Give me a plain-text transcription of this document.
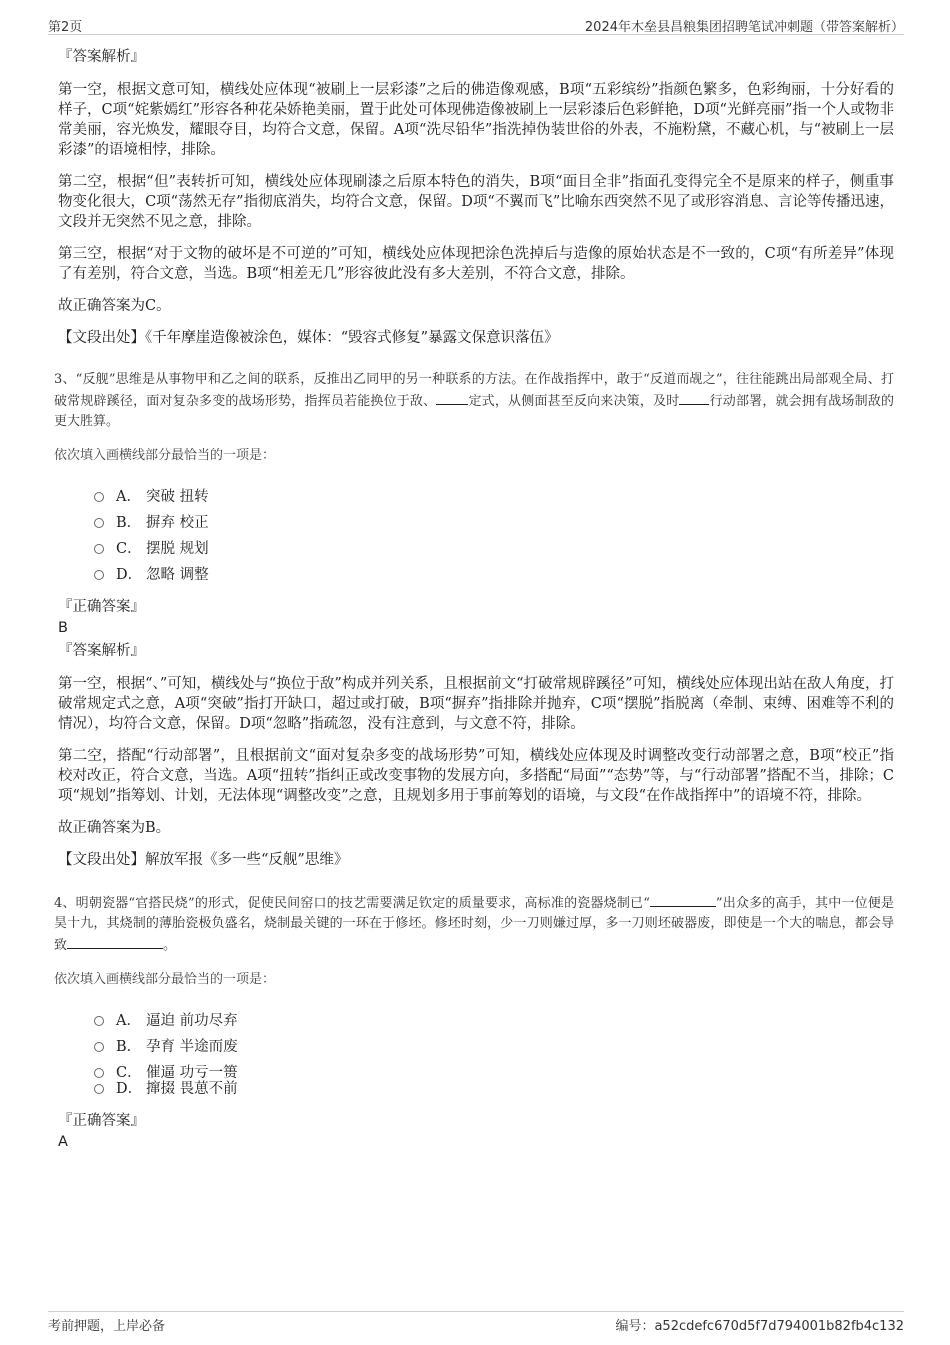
第2页	2024年木垒县昌粮集团招聘笔试冲刺题（带答案解析）

『答案解析』

第一空，根据文意可知，横线处应体现“被刷上一层彩漆”之后的佛造像观感，B项“五彩缤纷”指颜色繁多，色彩绚丽，十分好看的样子，C项“姹紫嫣红”形容各种花朵娇艳美丽，置于此处可体现佛造像被刷上一层彩漆后色彩鲜艳，D项“光鲜亮丽”指一个人或物非常美丽，容光焕发，耀眼夺目，均符合文意，保留。A项“洗尽铅华”指洗掉伪装世俗的外表，不施粉黛，不藏心机，与“被刷上一层彩漆”的语境相悖，排除。

第二空，根据“但”表转折可知，横线处应体现刷漆之后原本特色的消失，B项“面目全非”指面孔变得完全不是原来的样子，侧重事物变化很大，C项“荡然无存”指彻底消失，均符合文意，保留。D项“不翼而飞”比喻东西突然不见了或形容消息、言论等传播迅速，文段并无突然不见之意，排除。

第三空，根据“对于文物的破坏是不可逆的”可知，横线处应体现把涂色洗掉后与造像的原始状态是不一致的，C项“有所差异”体现了有差别，符合文意，当选。B项“相差无几”形容彼此没有多大差别，不符合文意，排除。

故正确答案为C。

【文段出处】《千年摩崖造像被涂色，媒体：“毁容式修复”暴露文保意识落伍》

3、“反舰”思维是从事物甲和乙之间的联系，反推出乙同甲的另一种联系的方法。在作战指挥中，敢于“反道而觇之”，往往能跳出局部观全局、打破常规辟蹊径，面对复杂多变的战场形势，指挥员若能换位于敌、 定式，从侧面甚至反向来决策，及时 行动部署，就会拥有战场制敌的更大胜算。

依次填入画横线部分最恰当的一项是：

A． 突破 扭转
B． 摒弃 校正
C． 摆脱 规划
D． 忽略 调整

『正确答案』

B

『答案解析』

第一空，根据“、”可知，横线处与“换位于敌”构成并列关系，且根据前文“打破常规辟蹊径”可知，横线处应体现出站在敌人角度，打破常规定式之意，A项“突破”指打开缺口，超过或打破，B项“摒弃”指排除并抛弃，C项“摆脱”指脱离（牵制、束缚、困难等不利的情况），均符合文意，保留。D项“忽略”指疏忽，没有注意到，与文意不符，排除。

第二空，搭配“行动部署”，且根据前文“面对复杂多变的战场形势”可知，横线处应体现及时调整改变行动部署之意，B项“校正”指校对改正，符合文意，当选。A项“扭转”指纠正或改变事物的发展方向，多搭配“局面”“态势”等，与“行动部署”搭配不当，排除；C项“规划”指筹划、计划，无法体现“调整改变”之意，且规划多用于事前筹划的语境，与文段“在作战指挥中”的语境不符，排除。

故正确答案为B。

【文段出处】解放军报《多一些“反舰”思维》

4、明朝瓷器“官搭民烧”的形式，促使民间窑口的技艺需要满足钦定的质量要求，高标准的瓷器烧制已“	”出众多的高手，其中一位便是昊十九，其烧制的薄胎瓷极负盛名，烧制最关键的一环在于修坯。修坯时刻，少一刀则嫌过厚，多一刀则坯破器废，即使是一个大的喘息，都会导致	。

依次填入画横线部分最恰当的一项是：

A． 逼迫 前功尽弃
B． 孕育 半途而废
C． 催逼 功亏一篑
D． 撺掇 畏葸不前

『正确答案』

A

考前押题，上岸必备	编号：a52cdefc670d5f7d794001b82fb4c132
